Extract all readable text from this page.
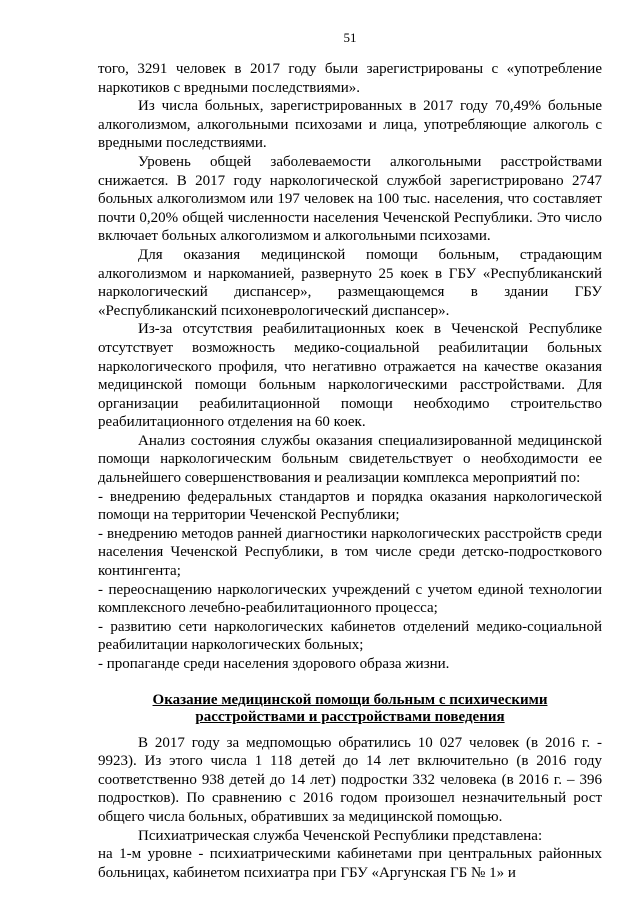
51

того, 3291 человек в 2017 году были зарегистрированы с «употребление наркотиков с вредными последствиями».

Из числа больных, зарегистрированных в 2017 году 70,49% больные алкоголизмом, алкогольными психозами и лица, употребляющие алкоголь с вредными последствиями.

Уровень общей заболеваемости алкогольными расстройствами снижается. В 2017 году наркологической службой зарегистрировано 2747 больных алкоголизмом или 197 человек на 100 тыс. населения, что составляет почти 0,20% общей численности населения Чеченской Республики. Это число включает больных алкоголизмом и алкогольными психозами.

Для оказания медицинской помощи больным, страдающим алкоголизмом и наркоманией, развернуто 25 коек в ГБУ «Республиканский наркологический диспансер», размещающемся в здании ГБУ «Республиканский психоневрологический диспансер».

Из-за отсутствия реабилитационных коек в Чеченской Республике отсутствует возможность медико-социальной реабилитации больных наркологического профиля, что негативно отражается на качестве оказания медицинской помощи больным наркологическими расстройствами. Для организации реабилитационной помощи необходимо строительство реабилитационного отделения на 60 коек.

Анализ состояния службы оказания специализированной медицинской помощи наркологическим больным свидетельствует о необходимости ее дальнейшего совершенствования и реализации комплекса мероприятий по:

- внедрению федеральных стандартов и порядка оказания наркологической помощи на территории Чеченской Республики;

- внедрению методов ранней диагностики наркологических расстройств среди населения Чеченской Республики, в том числе среди детско-подросткового контингента;

- переоснащению наркологических учреждений с учетом единой технологии комплексного лечебно-реабилитационного процесса;

- развитию сети наркологических кабинетов отделений медико-социальной реабилитации наркологических больных;

- пропаганде среди населения здорового образа жизни.

Оказание медицинской помощи больным с психическими
расстройствами и расстройствами поведения

В 2017 году за медпомощью обратились 10 027 человек (в 2016 г. - 9923). Из этого числа 1 118 детей до 14 лет включительно (в 2016 году соответственно 938 детей до 14 лет) подростки 332 человека (в 2016 г. – 396 подростков). По сравнению с 2016 годом произошел незначительный рост общего числа больных, обративших за медицинской помощью.

Психиатрическая служба Чеченской Республики представлена:

на 1-м уровне - психиатрическими кабинетами при центральных районных больницах, кабинетом психиатра при ГБУ «Аргунская ГБ № 1» и
